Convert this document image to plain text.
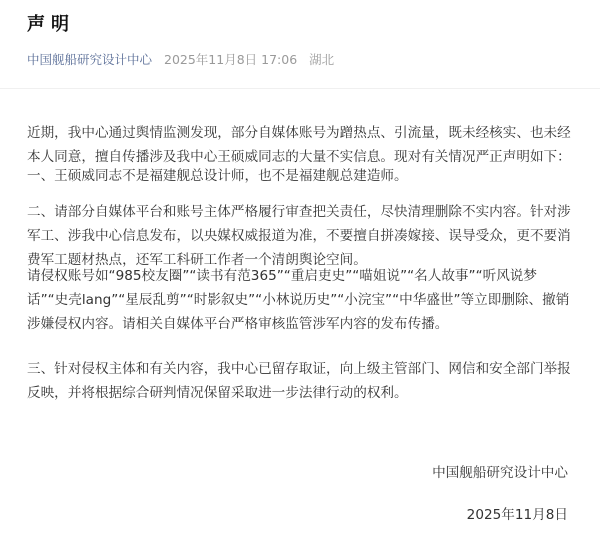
声明
中国舰船研究设计中心 2025年11月8日 17:06 湖北

近期，我中心通过舆情监测发现，部分自媒体账号为蹭热点、引流量，既未经核实、也未经本人同意，擅自传播涉及我中心王硕威同志的大量不实信息。现对有关情况严正声明如下：

一、王硕威同志不是福建舰总设计师，也不是福建舰总建造师。

二、请部分自媒体平台和账号主体严格履行审查把关责任，尽快清理删除不实内容。针对涉军工、涉我中心信息发布，以央媒权威报道为准，不要擅自拼凑嫁接、误导受众，更不要消费军工题材热点，还军工科研工作者一个清朗舆论空间。

请侵权账号如“985校友圈”“读书有范365”“重启吏史”“喵姐说”“名人故事”“听风说梦话”“史壳lang”“星辰乱剪”“时影叙史”“小林说历史”“小浣宝”“中华盛世”等立即删除、撤销涉嫌侵权内容。请相关自媒体平台严格审核监管涉军内容的发布传播。

三、针对侵权主体和有关内容，我中心已留存取证，向上级主管部门、网信和安全部门举报反映，并将根据综合研判情况保留采取进一步法律行动的权利。

中国舰船研究设计中心
2025年11月8日
